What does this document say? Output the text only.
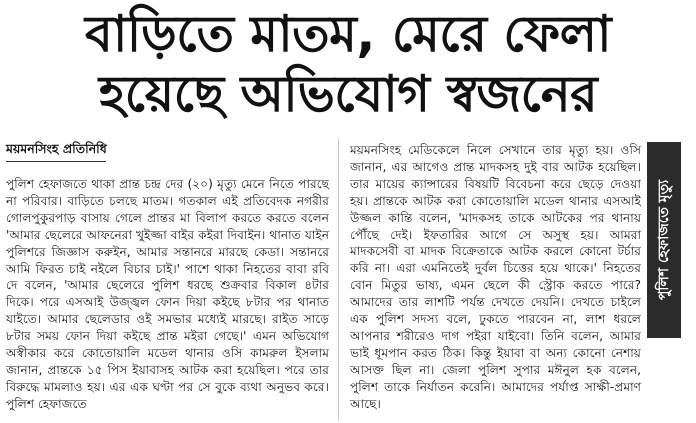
বাড়িতে মাতম, মেরে ফেলা
হয়েছে অভিযোগ স্বজনের
ময়মনসিংহ প্রতিনিধি

পুলিশ হেফাজতে থাকা প্রান্ত চন্দ্র দের (২০) মৃত্যু মেনে নিতে পারছে না পরিবার। বাড়িতে চলছে মাতম। গতকাল এই প্রতিবেদক নগরীর গোলপুকুরপাড় বাসায় গেলে প্রান্তর মা বিলাপ করতে করতে বলেন 'আমার ছেলেরে আফনেরা খুইজ্জা বাইর কইরা দিবাইন। থানাত যাইন পুলিশরে জিজ্ঞাস করুইন, আমার সন্তানরে মারছে কেডা। সন্তানরে আমি ফিরত চাই নইলে বিচার চাই।' পাশে থাকা নিহতের বাবা রবি দে বলেন, 'আমার ছেলেরে পুলিশ ধরছে শুক্রবার বিকাল ৪টার দিকে। পরে এসআই উজ্জ্বল ফোন দিয়া কইছে ৮টার পর থানাত যাইতে। আমার ছেলেডার ওই সমভার মধ্যেই মারছে। রাইত সাড়ে ৮টার সময় ফোন দিয়া কইছে প্রান্ত মইরা গেছে।' এমন অভিযোগ অস্বীকার করে কোতোয়ালি মডেল থানার ওসি কামরুল ইসলাম জানান, প্রান্তকে ১৫ পিস ইয়াবাসহ আটক করা হয়েছিল। পরে তার বিরুদ্ধে মামলাও হয়। এর এক ঘণ্টা পর সে বুকে ব্যথা অনুভব করে। পুলিশ হেফাজতে

ময়মনসিংহ মেডিকেলে নিলে সেখানে তার মৃত্যু হয়। ওসি জানান, এর আগেও প্রান্ত মাদকসহ দুই বার আটক হয়েছিল। তার মায়ের ক্যান্সারের বিষয়টি বিবেচনা করে ছেড়ে দেওয়া হয়। প্রান্তকে আটক করা কোতোয়ালি মডেল থানার এসআই উজ্জল কান্তি বলেন, 'মাদকসহ তাকে আটকের পর থানায় পৌঁছে দেই। ইফতারির আগে সে অসুস্থ হয়। আমরা মাদকসেবী বা মাদক বিক্রেতাকে আটক করলে কোনো টর্চার করি না। এরা এমনিতেই দুর্বল চিত্তের হয়ে থাকে।' নিহতের বোন মিতুর ভাষ্য, এমন ছেলে কী স্ট্রোক করতে পারে? আমাদের তার লাশটি পর্যন্ত দেখতে দেয়নি। দেখতে চাইলে এক পুলিশ সদস্য বলে, ঢুকতে পারবেন না, লাশ ধরলে আপনার শরীরেও দাগ পইরা যাইবো। তিনি বলেন, আমার ভাই ধূমপান করত ঠিক। কিন্তু ইয়াবা বা অন্য কোনো নেশায় আসক্ত ছিল না। জেলা পুলিশ সুপার মঈনুল হক বলেন, পুলিশ তাকে নির্যাতন করেনি। আমাদের পর্যাপ্ত সাক্ষী-প্রমাণ আছে।

পুলিশ হেফাজতে মৃত্যু
